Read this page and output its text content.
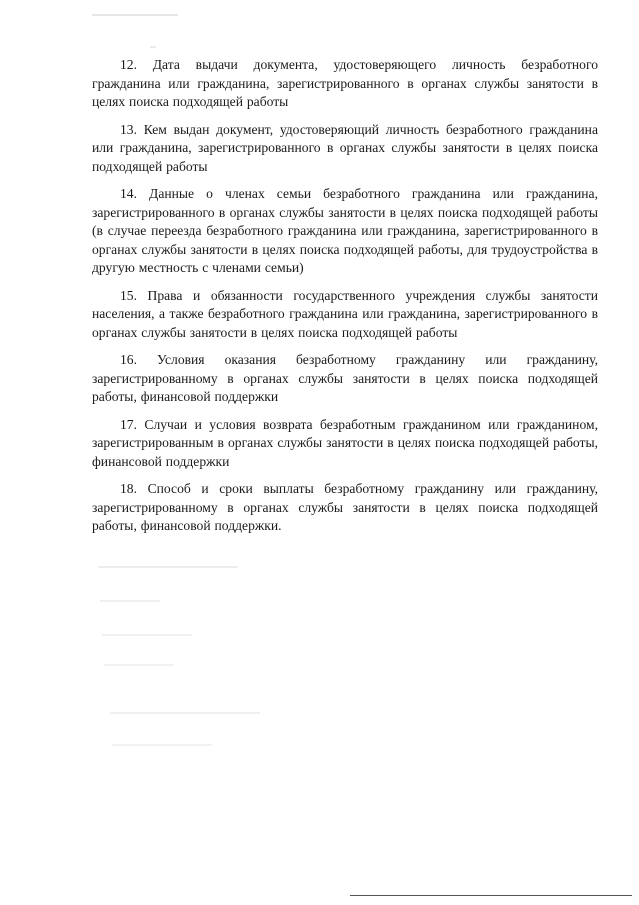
12. Дата выдачи документа, удостоверяющего личность безработного гражданина или гражданина, зарегистрированного в органах службы занятости в целях поиска подходящей работы

13. Кем выдан документ, удостоверяющий личность безработного гражданина или гражданина, зарегистрированного в органах службы занятости в целях поиска подходящей работы

14. Данные о членах семьи безработного гражданина или гражданина, зарегистрированного в органах службы занятости в целях поиска подходящей работы (в случае переезда безработного гражданина или гражданина, зарегистрированного в органах службы занятости в целях поиска подходящей работы, для трудоустройства в другую местность с членами семьи)

15. Права и обязанности государственного учреждения службы занятости населения, а также безработного гражданина или гражданина, зарегистрированного в органах службы занятости в целях поиска подходящей работы

16. Условия оказания безработному гражданину или гражданину, зарегистрированному в органах службы занятости в целях поиска подходящей работы, финансовой поддержки

17. Случаи и условия возврата безработным гражданином или гражданином, зарегистрированным в органах службы занятости в целях поиска подходящей работы, финансовой поддержки

18. Способ и сроки выплаты безработному гражданину или гражданину, зарегистрированному в органах службы занятости в целях поиска подходящей работы, финансовой поддержки.
